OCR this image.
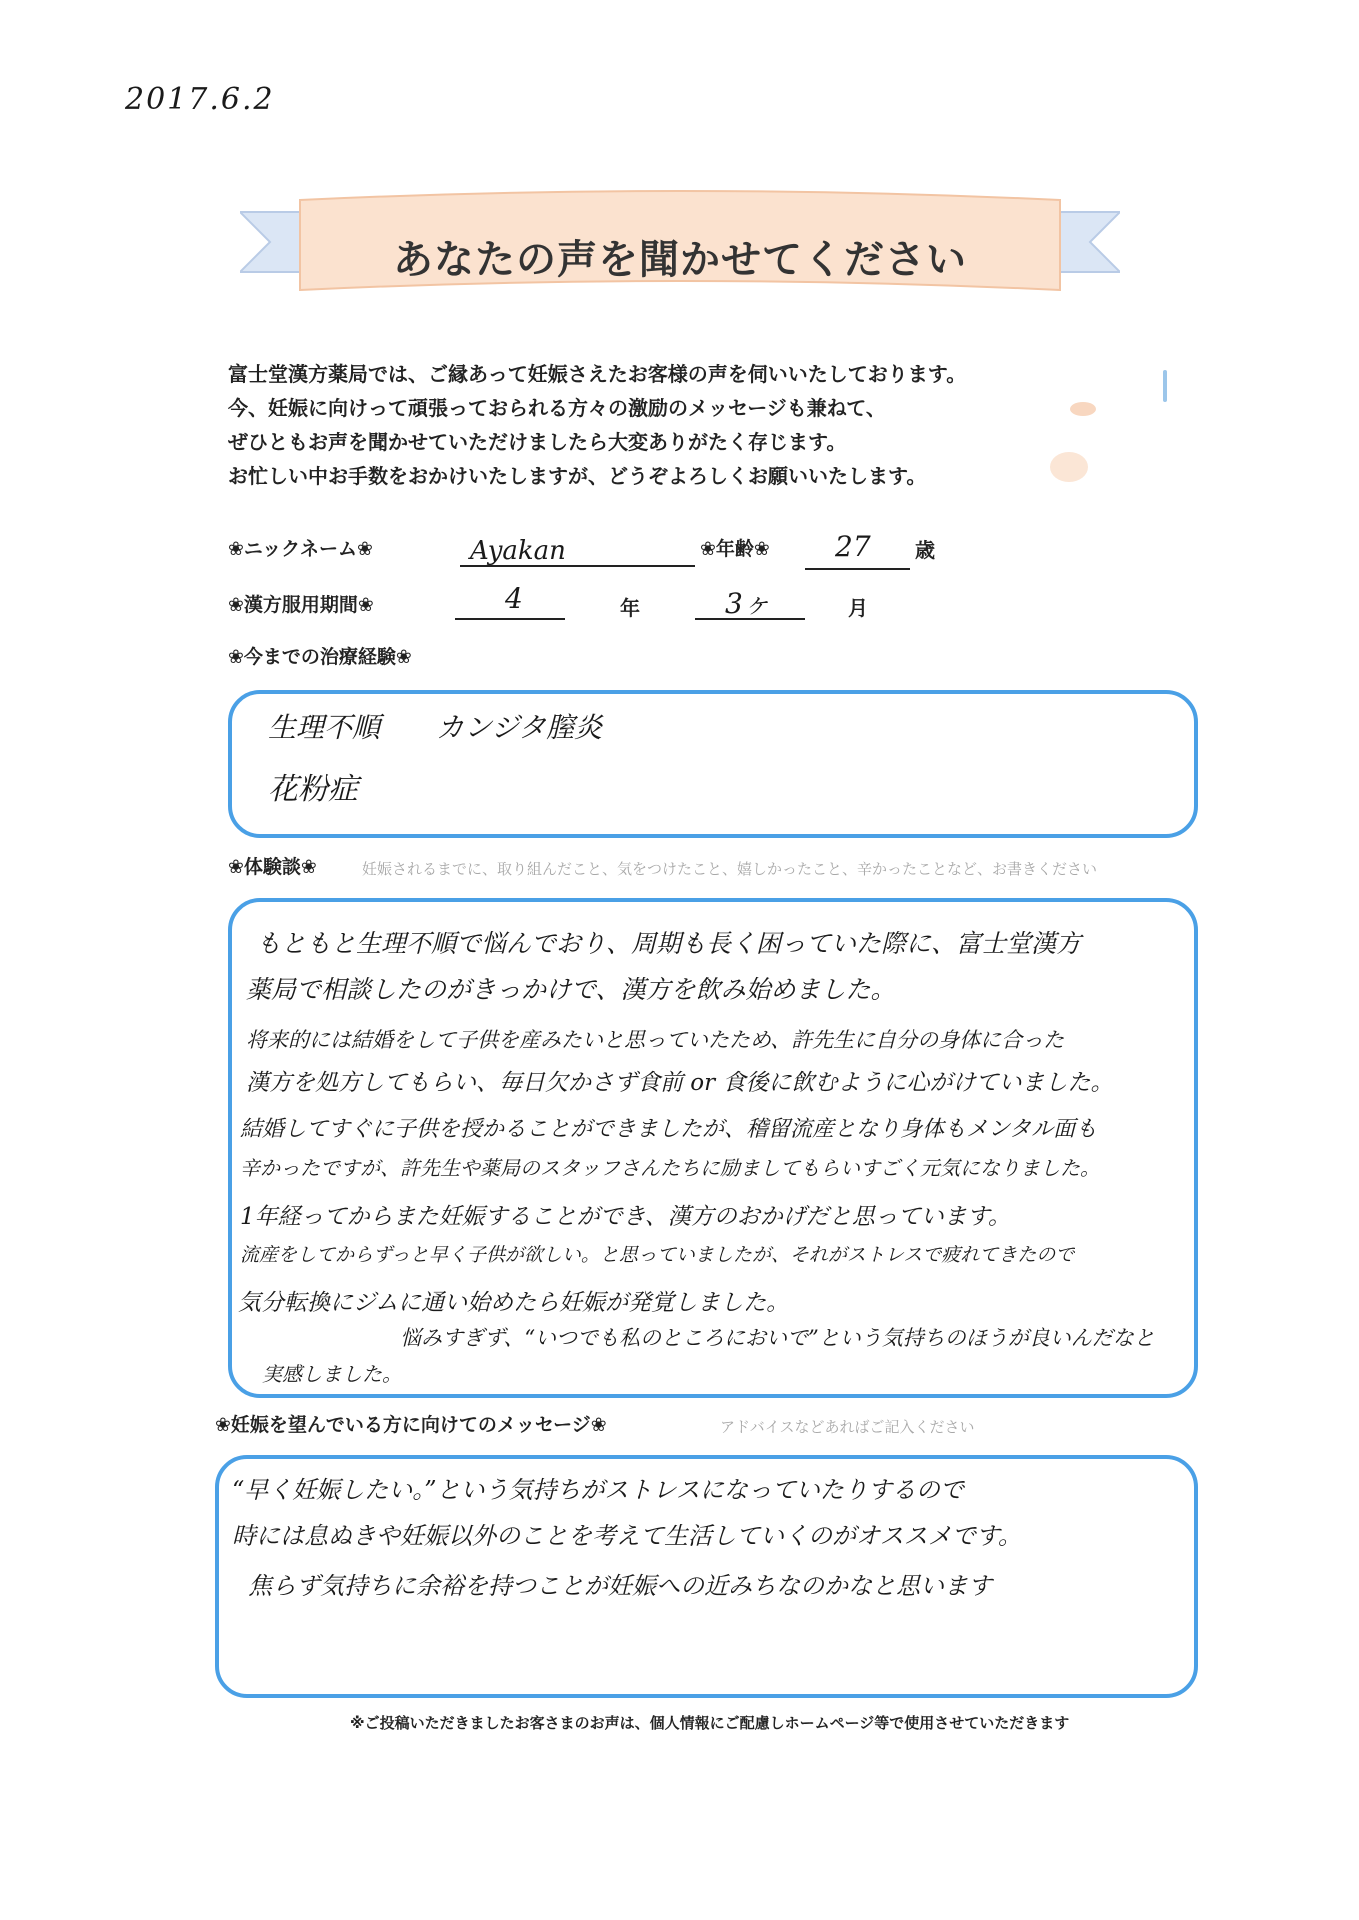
2017.6.2
あなたの声を聞かせてください
富士堂漢方薬局では、ご縁あって妊娠さえたお客様の声を伺いいたしております。
今、妊娠に向けって頑張っておられる方々の激励のメッセージも兼ねて、
ぜひともお声を聞かせていただけましたら大変ありがたく存じます。
お忙しい中お手数をおかけいたしますが、どうぞよろしくお願いいたします。
❀ニックネーム❀	Ayakan	❀年齢❀ 27 歳
❀漢方服用期間❀	4	年	3ヶ	月
❀今までの治療経験❀
生理不順　　カンジタ膣炎
花粉症
❀体験談❀	妊娠されるまでに、取り組んだこと、気をつけたこと、嬉しかったこと、辛かったことなど、お書きください
もともと生理不順で悩んでおり、周期も長く困っていた際に、富士堂漢方
薬局で相談したのがきっかけで、漢方を飲み始めました。
将来的には結婚をして子供を産みたいと思っていたため、許先生に自分の身体に合った
漢方を処方してもらい、毎日欠かさず食前 or 食後に飲むように心がけていました。
結婚してすぐに子供を授かることができましたが、稽留流産となり身体もメンタル面も
辛かったですが、許先生や薬局のスタッフさんたちに励ましてもらいすごく元気になりました。
1年経ってからまた妊娠することができ、漢方のおかげだと思っています。
流産をしてからずっと早く子供が欲しい。と思っていましたが、それがストレスで疲れてきたので
気分転換にジムに通い始めたら妊娠が発覚しました。
悩みすぎず、“いつでも私のところにおいで”という気持ちのほうが良いんだなと
実感しました。
❀妊娠を望んでいる方に向けてのメッセージ❀	アドバイスなどあればご記入ください
“早く妊娠したい。”という気持ちがストレスになっていたりするので
時には息ぬきや妊娠以外のことを考えて生活していくのがオススメです。
焦らず気持ちに余裕を持つことが妊娠への近みちなのかなと思います
※ご投稿いただきましたお客さまのお声は、個人情報にご配慮しホームページ等で使用させていただきます
